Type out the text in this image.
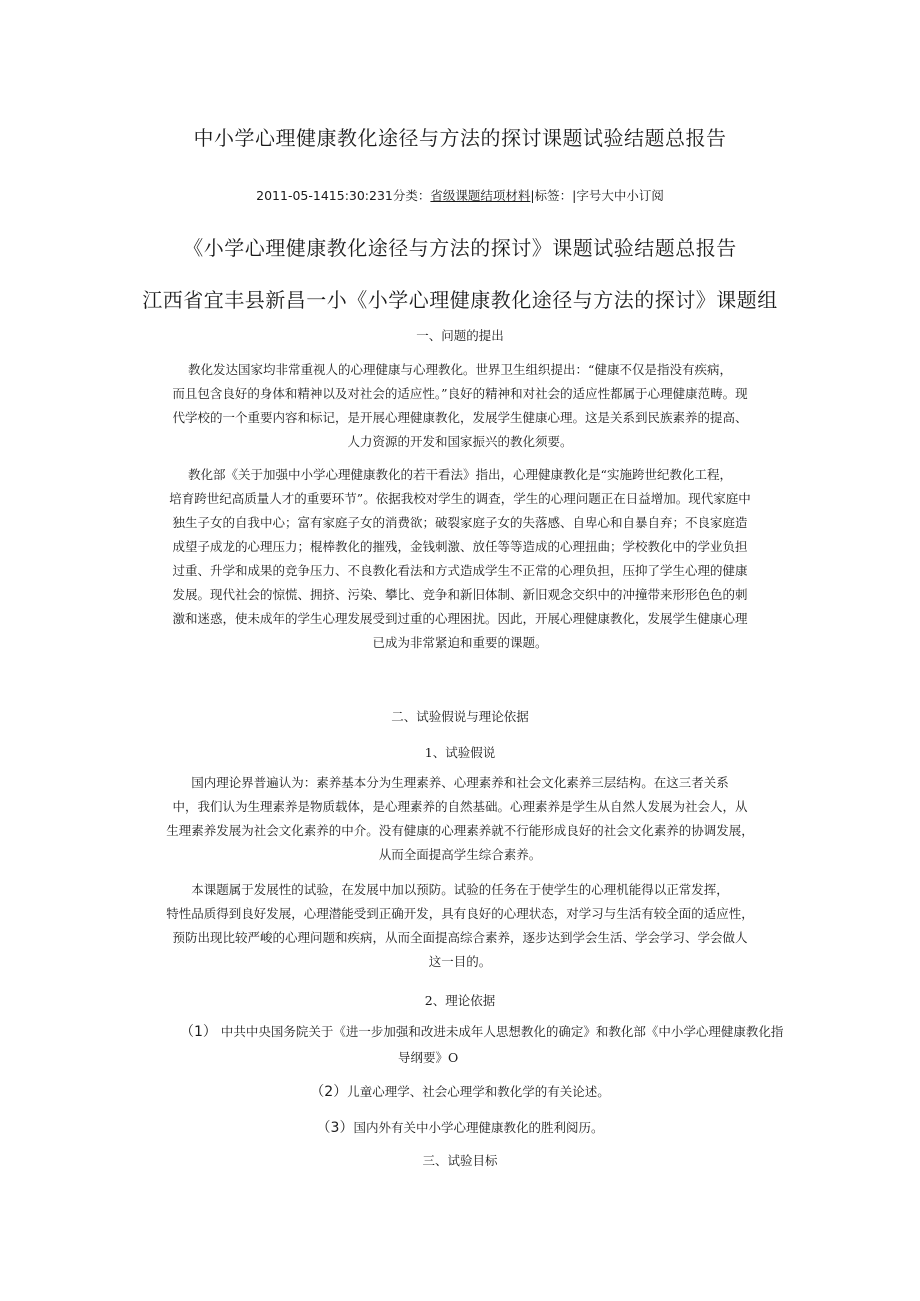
中小学心理健康教化途径与方法的探讨课题试验结题总报告
2011-05-1415:30:231分类：省级课题结项材料|标签：|字号大中小订阅
《小学心理健康教化途径与方法的探讨》课题试验结题总报告
江西省宜丰县新昌一小《小学心理健康教化途径与方法的探讨》课题组
一、问题的提出
教化发达国家均非常重视人的心理健康与心理教化。世界卫生组织提出：“健康不仅是指没有疾病，
而且包含良好的身体和精神以及对社会的适应性。”良好的精神和对社会的适应性都属于心理健康范畴。现
代学校的一个重要内容和标记，是开展心理健康教化，发展学生健康心理。这是关系到民族素养的提高、
人力资源的开发和国家振兴的教化须要。
教化部《关于加强中小学心理健康教化的若干看法》指出，心理健康教化是“实施跨世纪教化工程，
培育跨世纪高质量人才的重要环节”。依据我校对学生的调查，学生的心理问题正在日益增加。现代家庭中
独生子女的自我中心；富有家庭子女的消费欲；破裂家庭子女的失落感、自卑心和自暴自弃；不良家庭造
成望子成龙的心理压力；棍棒教化的摧残，金钱刺激、放任等等造成的心理扭曲；学校教化中的学业负担
过重、升学和成果的竞争压力、不良教化看法和方式造成学生不正常的心理负担，压抑了学生心理的健康
发展。现代社会的惊慌、拥挤、污染、攀比、竞争和新旧体制、新旧观念交织中的冲撞带来形形色色的刺
激和迷惑，使未成年的学生心理发展受到过重的心理困扰。因此，开展心理健康教化，发展学生健康心理
已成为非常紧迫和重要的课题。
二、试验假说与理论依据
1、试验假说
国内理论界普遍认为：素养基本分为生理素养、心理素养和社会文化素养三层结构。在这三者关系
中，我们认为生理素养是物质载体，是心理素养的自然基础。心理素养是学生从自然人发展为社会人，从
生理素养发展为社会文化素养的中介。没有健康的心理素养就不行能形成良好的社会文化素养的协调发展，
从而全面提高学生综合素养。
本课题属于发展性的试验，在发展中加以预防。试验的任务在于使学生的心理机能得以正常发挥，
特性品质得到良好发展，心理潜能受到正确开发，具有良好的心理状态，对学习与生活有较全面的适应性，
预防出现比较严峻的心理问题和疾病，从而全面提高综合素养，逐步达到学会生活、学会学习、学会做人
这一目的。
2、理论依据
（1） 中共中央国务院关于《进一步加强和改进未成年人思想教化的确定》和教化部《中小学心理健康教化指
导纲要》O
（2）儿童心理学、社会心理学和教化学的有关论述。
（3）国内外有关中小学心理健康教化的胜利阅历。
三、试验目标
